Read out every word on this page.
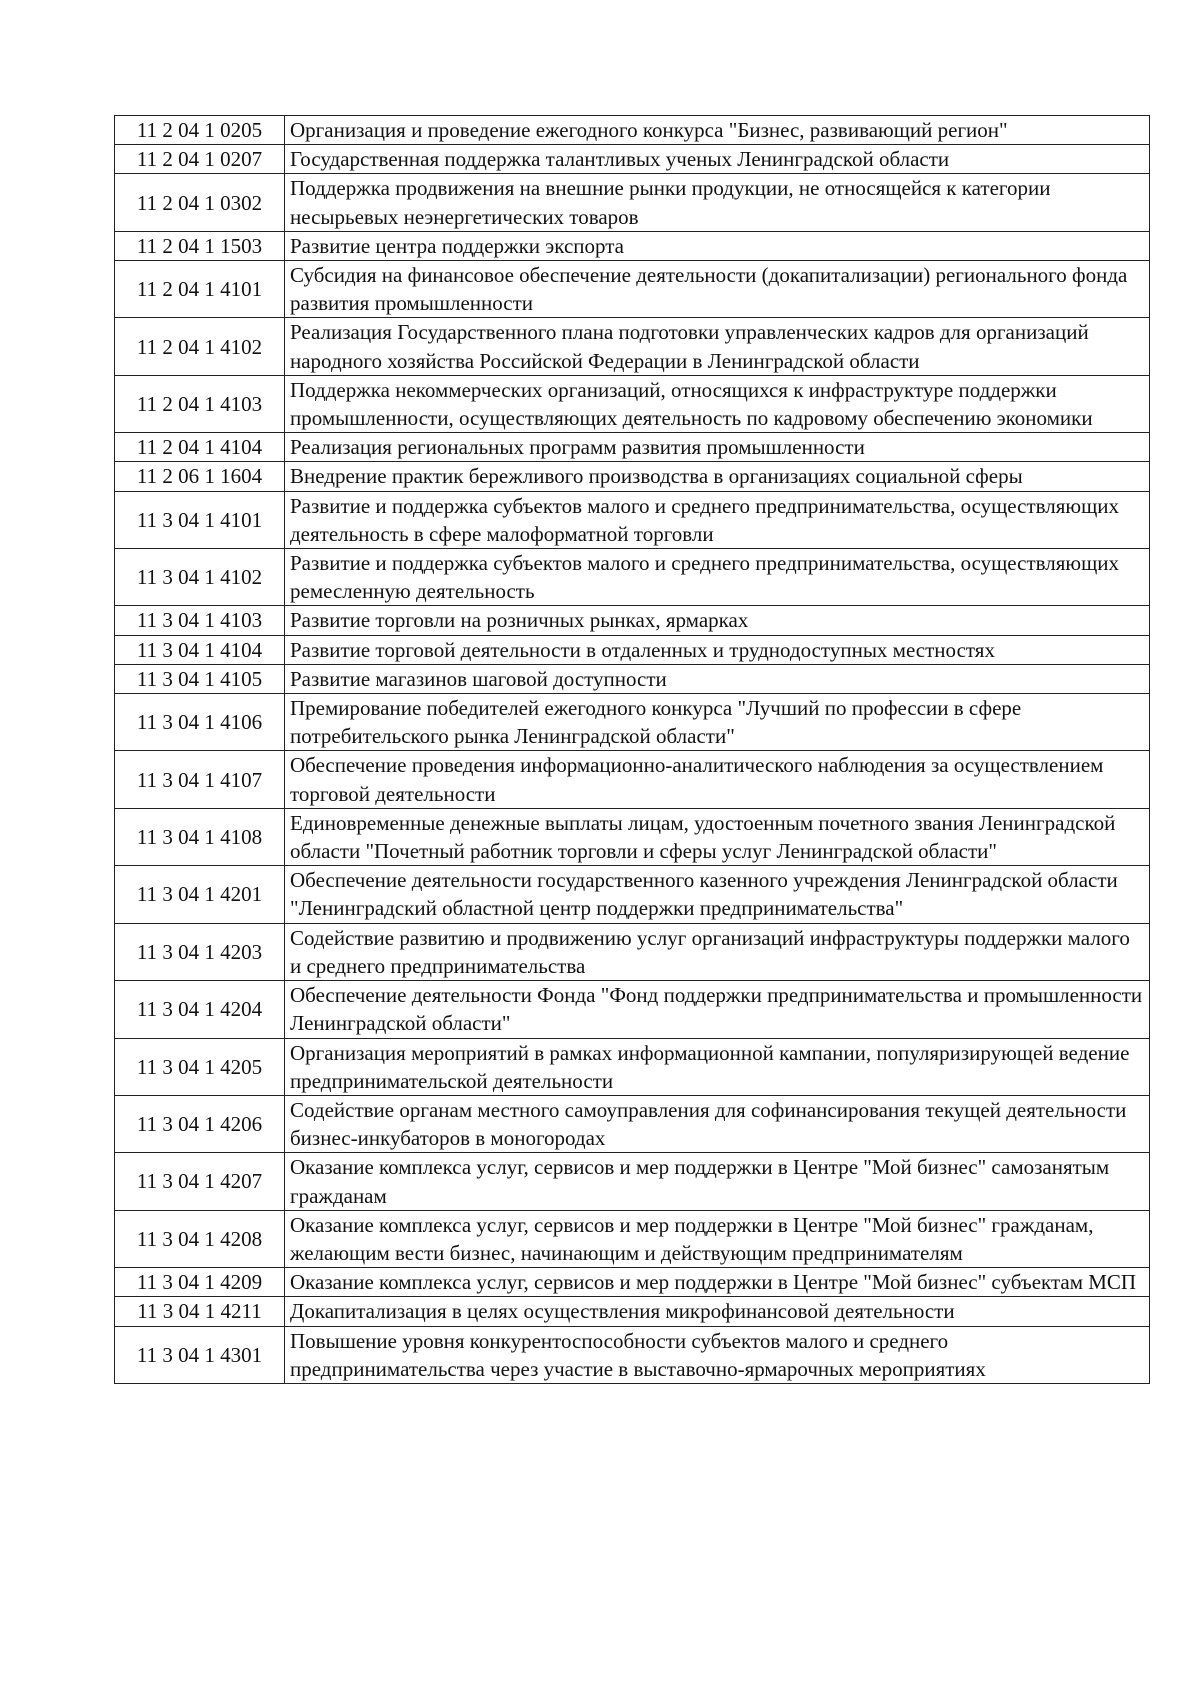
11 2 04 1 0205	Организация и проведение ежегодного конкурса "Бизнес, развивающий регион"
11 2 04 1 0207	Государственная поддержка талантливых ученых Ленинградской области
11 2 04 1 0302	Поддержка продвижения на внешние рынки продукции, не относящейся к категории несырьевых неэнергетических товаров
11 2 04 1 1503	Развитие центра поддержки экспорта
11 2 04 1 4101	Субсидия на финансовое обеспечение деятельности (докапитализации) регионального фонда развития промышленности
11 2 04 1 4102	Реализация Государственного плана подготовки управленческих кадров для организаций народного хозяйства Российской Федерации в Ленинградской области
11 2 04 1 4103	Поддержка некоммерческих организаций, относящихся к инфраструктуре поддержки промышленности, осуществляющих деятельность по кадровому обеспечению экономики
11 2 04 1 4104	Реализация региональных программ развития промышленности
11 2 06 1 1604	Внедрение практик бережливого производства в организациях социальной сферы
11 3 04 1 4101	Развитие и поддержка субъектов малого и среднего предпринимательства, осуществляющих деятельность в сфере малоформатной торговли
11 3 04 1 4102	Развитие и поддержка субъектов малого и среднего предпринимательства, осуществляющих ремесленную деятельность
11 3 04 1 4103	Развитие торговли на розничных рынках, ярмарках
11 3 04 1 4104	Развитие торговой деятельности в отдаленных и труднодоступных местностях
11 3 04 1 4105	Развитие магазинов шаговой доступности
11 3 04 1 4106	Премирование победителей ежегодного конкурса "Лучший по профессии в сфере потребительского рынка Ленинградской области"
11 3 04 1 4107	Обеспечение проведения информационно-аналитического наблюдения за осуществлением торговой деятельности
11 3 04 1 4108	Единовременные денежные выплаты лицам, удостоенным почетного звания Ленинградской области "Почетный работник торговли и сферы услуг Ленинградской области"
11 3 04 1 4201	Обеспечение деятельности государственного казенного учреждения Ленинградской области "Ленинградский областной центр поддержки предпринимательства"
11 3 04 1 4203	Содействие развитию и продвижению услуг организаций инфраструктуры поддержки малого и среднего предпринимательства
11 3 04 1 4204	Обеспечение деятельности Фонда "Фонд поддержки предпринимательства и промышленности Ленинградской области"
11 3 04 1 4205	Организация мероприятий в рамках информационной кампании, популяризирующей ведение предпринимательской деятельности
11 3 04 1 4206	Содействие органам местного самоуправления для софинансирования текущей деятельности бизнес-инкубаторов в моногородах
11 3 04 1 4207	Оказание комплекса услуг, сервисов и мер поддержки в Центре "Мой бизнес" самозанятым гражданам
11 3 04 1 4208	Оказание комплекса услуг, сервисов и мер поддержки в Центре "Мой бизнес" гражданам, желающим вести бизнес, начинающим и действующим предпринимателям
11 3 04 1 4209	Оказание комплекса услуг, сервисов и мер поддержки в Центре "Мой бизнес" субъектам МСП
11 3 04 1 4211	Докапитализация в целях осуществления микрофинансовой деятельности
11 3 04 1 4301	Повышение уровня конкурентоспособности субъектов малого и среднего предпринимательства через участие в выставочно-ярмарочных мероприятиях
